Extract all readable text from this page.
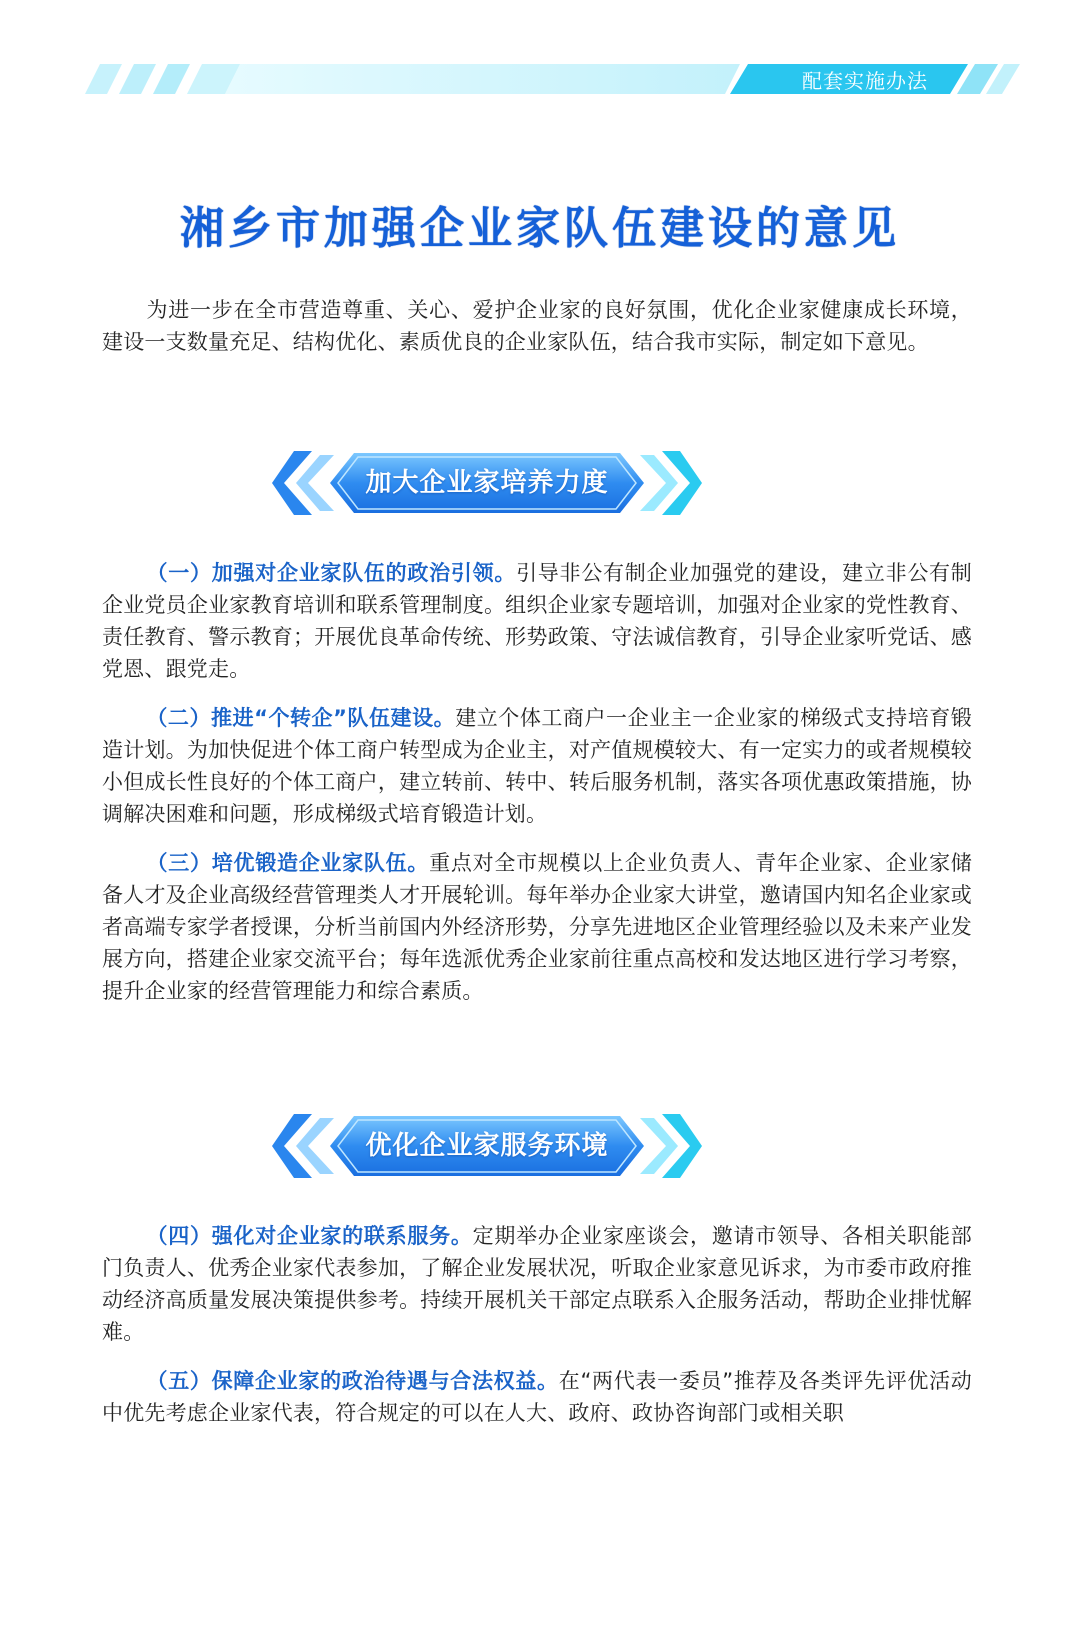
配套实施办法
湘乡市加强企业家队伍建设的意见

为进一步在全市营造尊重、关心、爱护企业家的良好氛围，优化企业家健康成长环境，建设一支数量充足、结构优化、素质优良的企业家队伍，结合我市实际，制定如下意见。

加大企业家培养力度

（一）加强对企业家队伍的政治引领。引导非公有制企业加强党的建设，建立非公有制企业党员企业家教育培训和联系管理制度。组织企业家专题培训，加强对企业家的党性教育、责任教育、警示教育；开展优良革命传统、形势政策、守法诚信教育，引导企业家听党话、感党恩、跟党走。

（二）推进“个转企”队伍建设。建立个体工商户一企业主一企业家的梯级式支持培育锻造计划。为加快促进个体工商户转型成为企业主，对产值规模较大、有一定实力的或者规模较小但成长性良好的个体工商户，建立转前、转中、转后服务机制，落实各项优惠政策措施，协调解决困难和问题，形成梯级式培育锻造计划。

（三）培优锻造企业家队伍。重点对全市规模以上企业负责人、青年企业家、企业家储备人才及企业高级经营管理类人才开展轮训。每年举办企业家大讲堂，邀请国内知名企业家或者高端专家学者授课，分析当前国内外经济形势，分享先进地区企业管理经验以及未来产业发展方向，搭建企业家交流平台；每年选派优秀企业家前往重点高校和发达地区进行学习考察，提升企业家的经营管理能力和综合素质。

优化企业家服务环境

（四）强化对企业家的联系服务。定期举办企业家座谈会，邀请市领导、各相关职能部门负责人、优秀企业家代表参加，了解企业发展状况，听取企业家意见诉求，为市委市政府推动经济高质量发展决策提供参考。持续开展机关干部定点联系入企服务活动，帮助企业排忧解难。

（五）保障企业家的政治待遇与合法权益。在“两代表一委员”推荐及各类评先评优活动中优先考虑企业家代表，符合规定的可以在人大、政府、政协咨询部门或相关职
